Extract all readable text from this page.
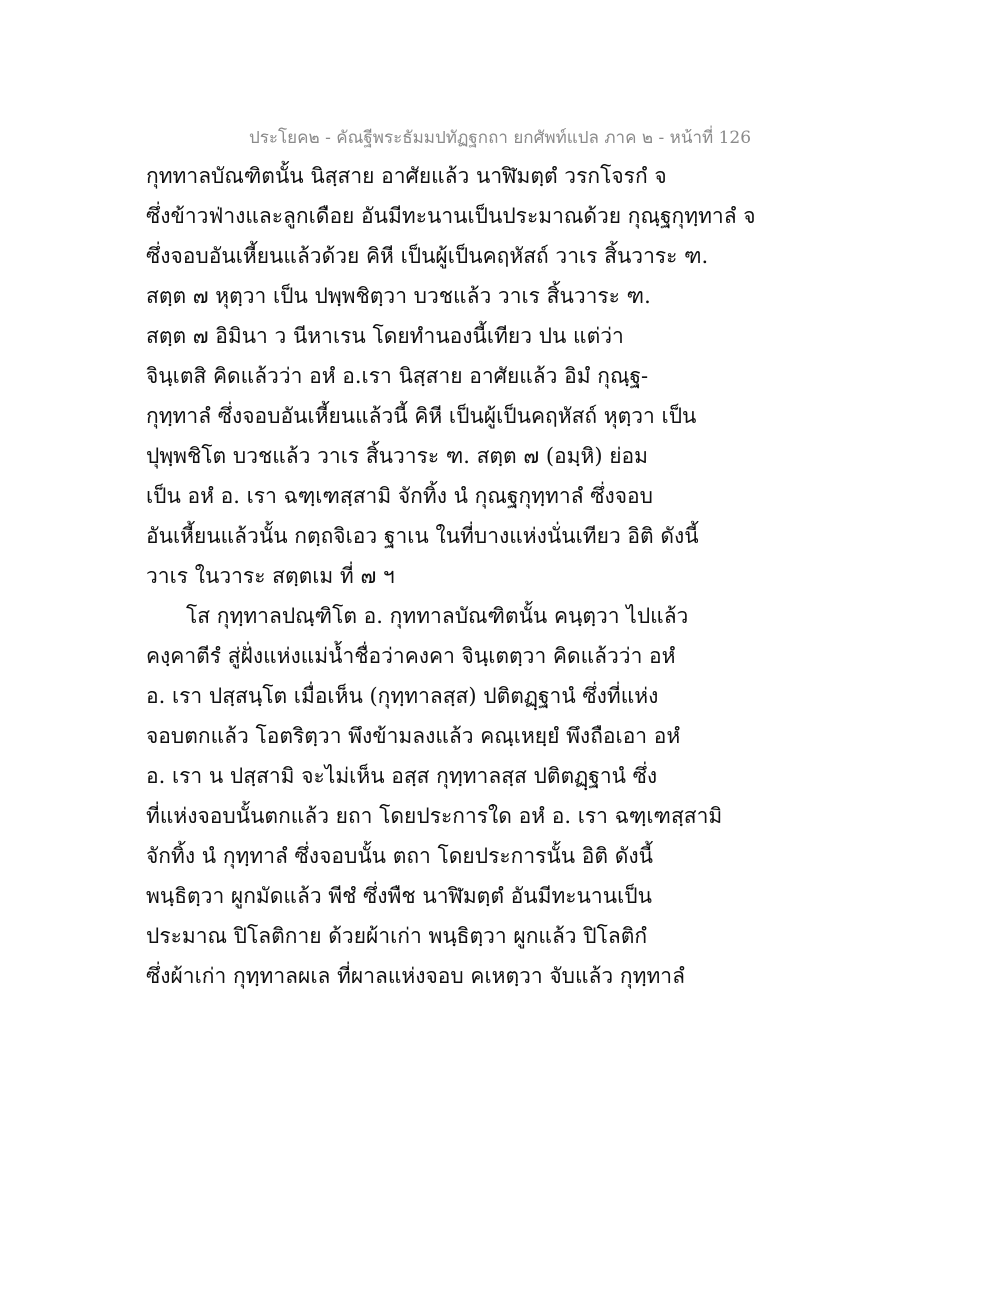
ประโยค๒ - คัณฐีพระธัมมปทัฏฐกถา ยกศัพท์แปล ภาค ๒ - หน้าที่ 126
กุททาลบัณฑิตนั้น นิสฺสาย อาศัยแล้ว นาฬิมตฺตํ วรกโจรกํ จ
ซึ่งข้าวฟ่างและลูกเดือย อันมีทะนานเป็นประมาณด้วย กุณฺฐกุทฺทาลํ จ
ซึ่งจอบอันเหี้ยนแล้วด้วย คิหี เป็นผู้เป็นคฤหัสถ์ วาเร สิ้นวาระ ฑ.
สตฺต ๗ หุตฺวา เป็น ปพฺพชิตฺวา บวชแล้ว วาเร สิ้นวาระ ฑ.
สตฺต ๗ อิมินา ว นีหาเรน โดยทำนองนี้เทียว ปน แต่ว่า
จินฺเตสิ คิดแล้วว่า อหํ อ.เรา นิสฺสาย อาศัยแล้ว อิมํ กุณฺฐ-
กุทฺทาลํ ซึ่งจอบอันเหี้ยนแล้วนี้ คิหี เป็นผู้เป็นคฤหัสถ์ หุตฺวา เป็น
ปุพฺพชิโต บวชแล้ว วาเร สิ้นวาระ ฑ. สตฺต ๗ (อมฺหิ) ย่อม
เป็น อหํ อ. เรา ฉฑฺเฑสฺสามิ จักทิ้ง นํ กุณฐกุทฺทาลํ ซึ่งจอบ
อันเหี้ยนแล้วนั้น กตฺถจิเอว ฐาเน ในที่บางแห่งนั่นเทียว อิติ ดังนี้
วาเร ในวาระ สตฺตเม ที่ ๗ ฯ
โส กุทฺทาลปณฺฑิโต อ. กุททาลบัณฑิตนั้น คนฺตฺวา ไปแล้ว
คงฺคาตีรํ สู่ฝั่งแห่งแม่น้ำชื่อว่าคงคา จินฺเตตฺวา คิดแล้วว่า อหํ
อ. เรา ปสฺสนฺโต เมื่อเห็น (กุทฺทาลสฺส) ปติตฏฺฐานํ ซึ่งที่แห่ง
จอบตกแล้ว โอตริตฺวา พึงข้ามลงแล้ว คณฺเหยฺยํ พึงถือเอา อหํ
อ. เรา น ปสฺสามิ จะไม่เห็น อสฺส กุทฺทาลสฺส ปติตฏฺฐานํ ซึ่ง
ที่แห่งจอบนั้นตกแล้ว ยถา โดยประการใด อหํ อ. เรา ฉฑฺเฑสฺสามิ
จักทิ้ง นํ กุทฺทาลํ ซึ่งจอบนั้น ตถา โดยประการนั้น อิติ ดังนี้
พนฺธิตฺวา ผูกมัดแล้ว พีชํ ซึ่งพืช นาฬิมตฺตํ อันมีทะนานเป็น
ประมาณ ปิโลติกาย ด้วยผ้าเก่า พนฺธิตฺวา ผูกแล้ว ปิโลติกํ
ซึ่งผ้าเก่า กุทฺทาลผเล ที่ผาลแห่งจอบ คเหตฺวา จับแล้ว กุทฺทาลํ
